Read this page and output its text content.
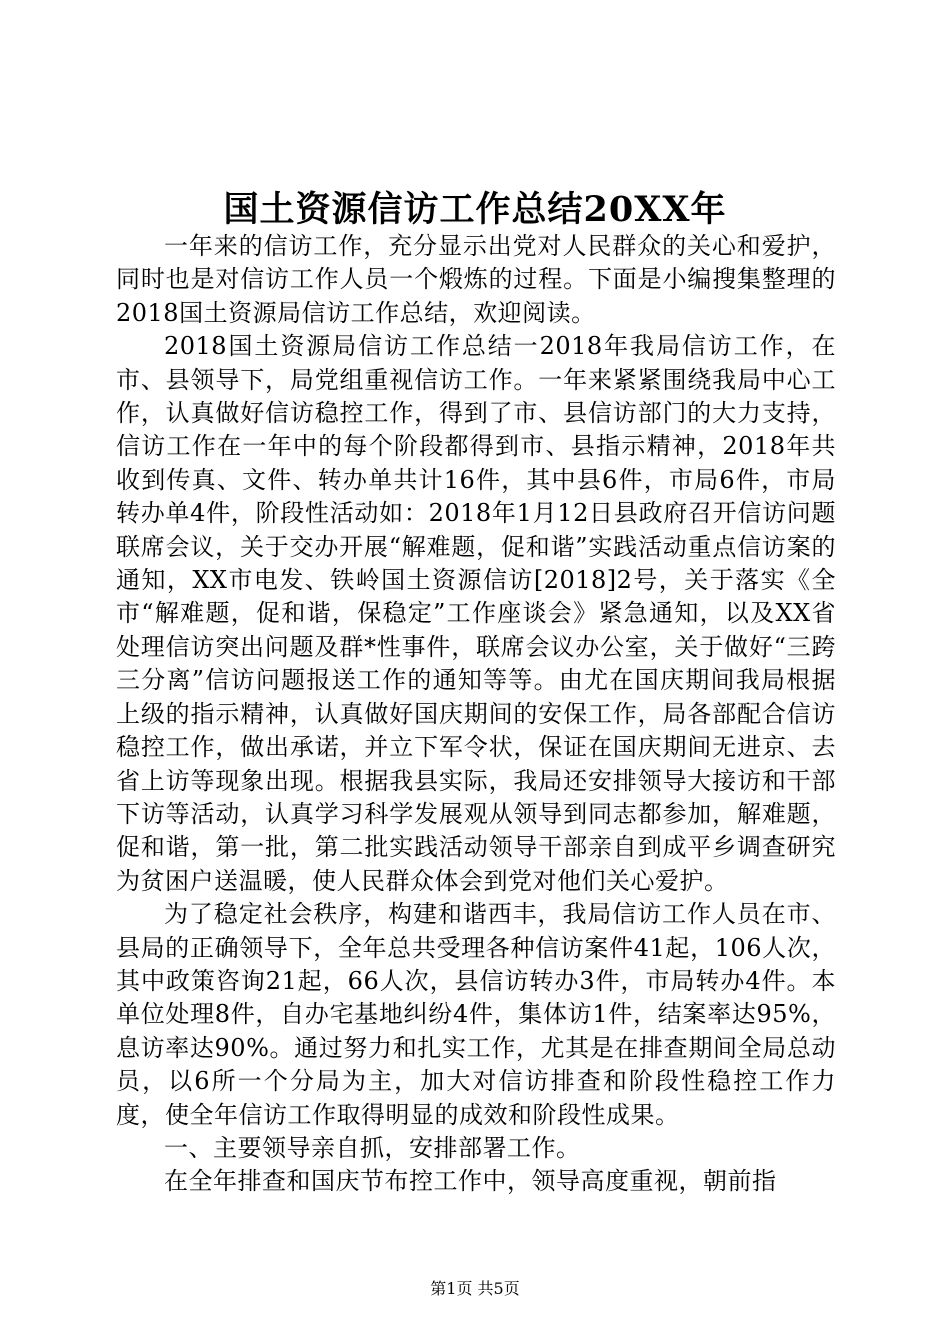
国土资源信访工作总结20XX年

一年来的信访工作，充分显示出党对人民群众的关心和爱护，同时也是对信访工作人员一个煅炼的过程。下面是小编搜集整理的2018国土资源局信访工作总结，欢迎阅读。

2018国土资源局信访工作总结一2018年我局信访工作，在市、县领导下，局党组重视信访工作。一年来紧紧围绕我局中心工作，认真做好信访稳控工作，得到了市、县信访部门的大力支持，信访工作在一年中的每个阶段都得到市、县指示精神，2018年共收到传真、文件、转办单共计16件，其中县6件，市局6件，市局转办单4件，阶段性活动如：2018年1月12日县政府召开信访问题联席会议，关于交办开展“解难题，促和谐”实践活动重点信访案的通知，XX市电发、铁岭国土资源信访[2018]2号，关于落实《全市“解难题，促和谐，保稳定”工作座谈会》紧急通知，以及XX省处理信访突出问题及群*性事件，联席会议办公室，关于做好“三跨三分离”信访问题报送工作的通知等等。由尤在国庆期间我局根据上级的指示精神，认真做好国庆期间的安保工作，局各部配合信访稳控工作，做出承诺，并立下军令状，保证在国庆期间无进京、去省上访等现象出现。根据我县实际，我局还安排领导大接访和干部下访等活动，认真学习科学发展观从领导到同志都参加，解难题，促和谐，第一批，第二批实践活动领导干部亲自到成平乡调查研究为贫困户送温暖，使人民群众体会到党对他们关心爱护。

为了稳定社会秩序，构建和谐西丰，我局信访工作人员在市、县局的正确领导下，全年总共受理各种信访案件41起，106人次，其中政策咨询21起，66人次，县信访转办3件，市局转办4件。本单位处理8件，自办宅基地纠纷4件，集体访1件，结案率达95%，息访率达90%。通过努力和扎实工作，尤其是在排查期间全局总动员，以6所一个分局为主，加大对信访排查和阶段性稳控工作力度，使全年信访工作取得明显的成效和阶段性成果。

一、主要领导亲自抓，安排部署工作。

在全年排查和国庆节布控工作中，领导高度重视，朝前指

第1页 共5页
